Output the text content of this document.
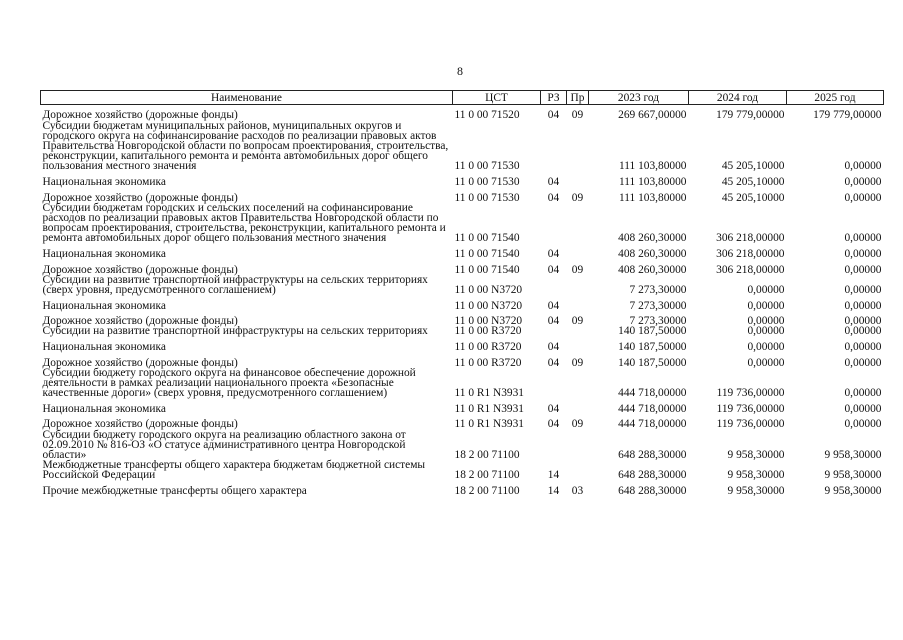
8
Наименование	ЦСТ	РЗ	Пр	2023 год	2024 год	2025 год
Дорожное хозяйство (дорожные фонды)	11 0 00 71520	04	09	269 667,00000	179 779,00000	179 779,00000
Субсидии бюджетам муниципальных районов, муниципальных округов и городского округа на софинансирование расходов по реализации правовых актов Правительства Новгородской области по вопросам проектирования, строительства, реконструкции, капитального ремонта и ремонта автомобильных дорог общего пользования местного значения	11 0 00 71530			111 103,80000	45 205,10000	0,00000
Национальная экономика	11 0 00 71530	04		111 103,80000	45 205,10000	0,00000
Дорожное хозяйство (дорожные фонды)	11 0 00 71530	04	09	111 103,80000	45 205,10000	0,00000
Субсидии бюджетам городских и сельских поселений на софинансирование расходов по реализации правовых актов Правительства Новгородской области по вопросам проектирования, строительства, реконструкции, капитального ремонта и ремонта автомобильных дорог общего пользования местного значения	11 0 00 71540			408 260,30000	306 218,00000	0,00000
Национальная экономика	11 0 00 71540	04		408 260,30000	306 218,00000	0,00000
Дорожное хозяйство (дорожные фонды)	11 0 00 71540	04	09	408 260,30000	306 218,00000	0,00000
Субсидии на развитие транспортной инфраструктуры на сельских территориях (сверх уровня, предусмотренного соглашением)	11 0 00 N3720			7 273,30000	0,00000	0,00000
Национальная экономика	11 0 00 N3720	04		7 273,30000	0,00000	0,00000
Дорожное хозяйство (дорожные фонды)	11 0 00 N3720	04	09	7 273,30000	0,00000	0,00000
Субсидии на развитие транспортной инфраструктуры на сельских территориях	11 0 00 R3720			140 187,50000	0,00000	0,00000
Национальная экономика	11 0 00 R3720	04		140 187,50000	0,00000	0,00000
Дорожное хозяйство (дорожные фонды)	11 0 00 R3720	04	09	140 187,50000	0,00000	0,00000
Субсидии бюджету городского округа на финансовое обеспечение дорожной деятельности в рамках реализации национального проекта «Безопасные качественные дороги» (сверх уровня, предусмотренного соглашением)	11 0 R1 N3931			444 718,00000	119 736,00000	0,00000
Национальная экономика	11 0 R1 N3931	04		444 718,00000	119 736,00000	0,00000
Дорожное хозяйство (дорожные фонды)	11 0 R1 N3931	04	09	444 718,00000	119 736,00000	0,00000
Субсидии бюджету городского округа на реализацию областного закона от 02.09.2010 № 816-ОЗ «О статусе административного центра Новгородской области»	18 2 00 71100			648 288,30000	9 958,30000	9 958,30000
Межбюджетные трансферты общего характера бюджетам бюджетной системы Российской Федерации	18 2 00 71100	14		648 288,30000	9 958,30000	9 958,30000
Прочие межбюджетные трансферты общего характера	18 2 00 71100	14	03	648 288,30000	9 958,30000	9 958,30000
